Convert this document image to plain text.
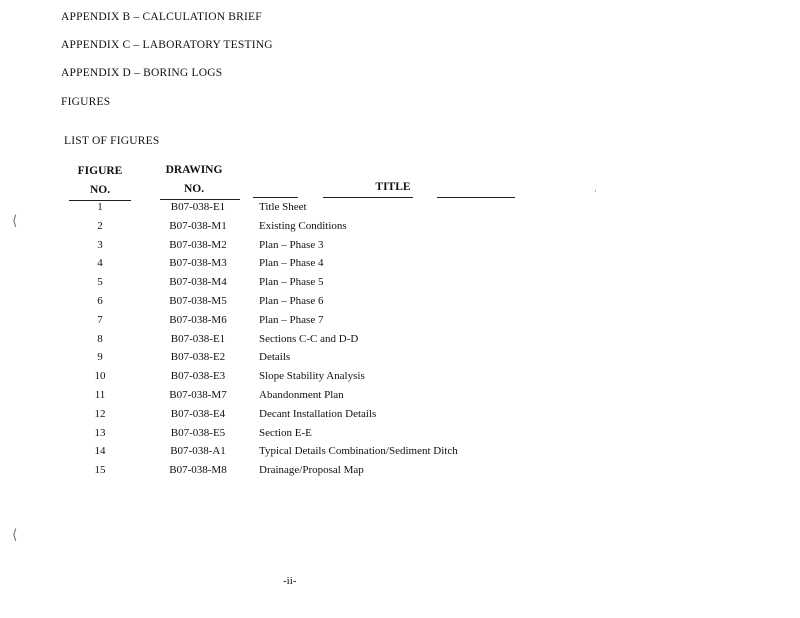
APPENDIX B – CALCULATION BRIEF
APPENDIX C – LABORATORY TESTING
APPENDIX D – BORING LOGS
FIGURES
LIST OF FIGURES
FIGURE
NO.
DRAWING
NO.	TITLE	·
1	B07-038-E1	Title Sheet
2	B07-038-M1	Existing Conditions
3	B07-038-M2	Plan – Phase 3
4	B07-038-M3	Plan – Phase 4
5	B07-038-M4	Plan – Phase 5
6	B07-038-M5	Plan – Phase 6
7	B07-038-M6	Plan – Phase 7
8	B07-038-E1	Sections C-C and D-D
9	B07-038-E2	Details
10	B07-038-E3	Slope Stability Analysis
11	B07-038-M7	Abandonment Plan
12	B07-038-E4	Decant Installation Details
13	B07-038-E5	Section E-E
14	B07-038-A1	Typical Details Combination/Sediment Ditch
15	B07-038-M8	Drainage/Proposal Map
⟨
⟨
-ii-
